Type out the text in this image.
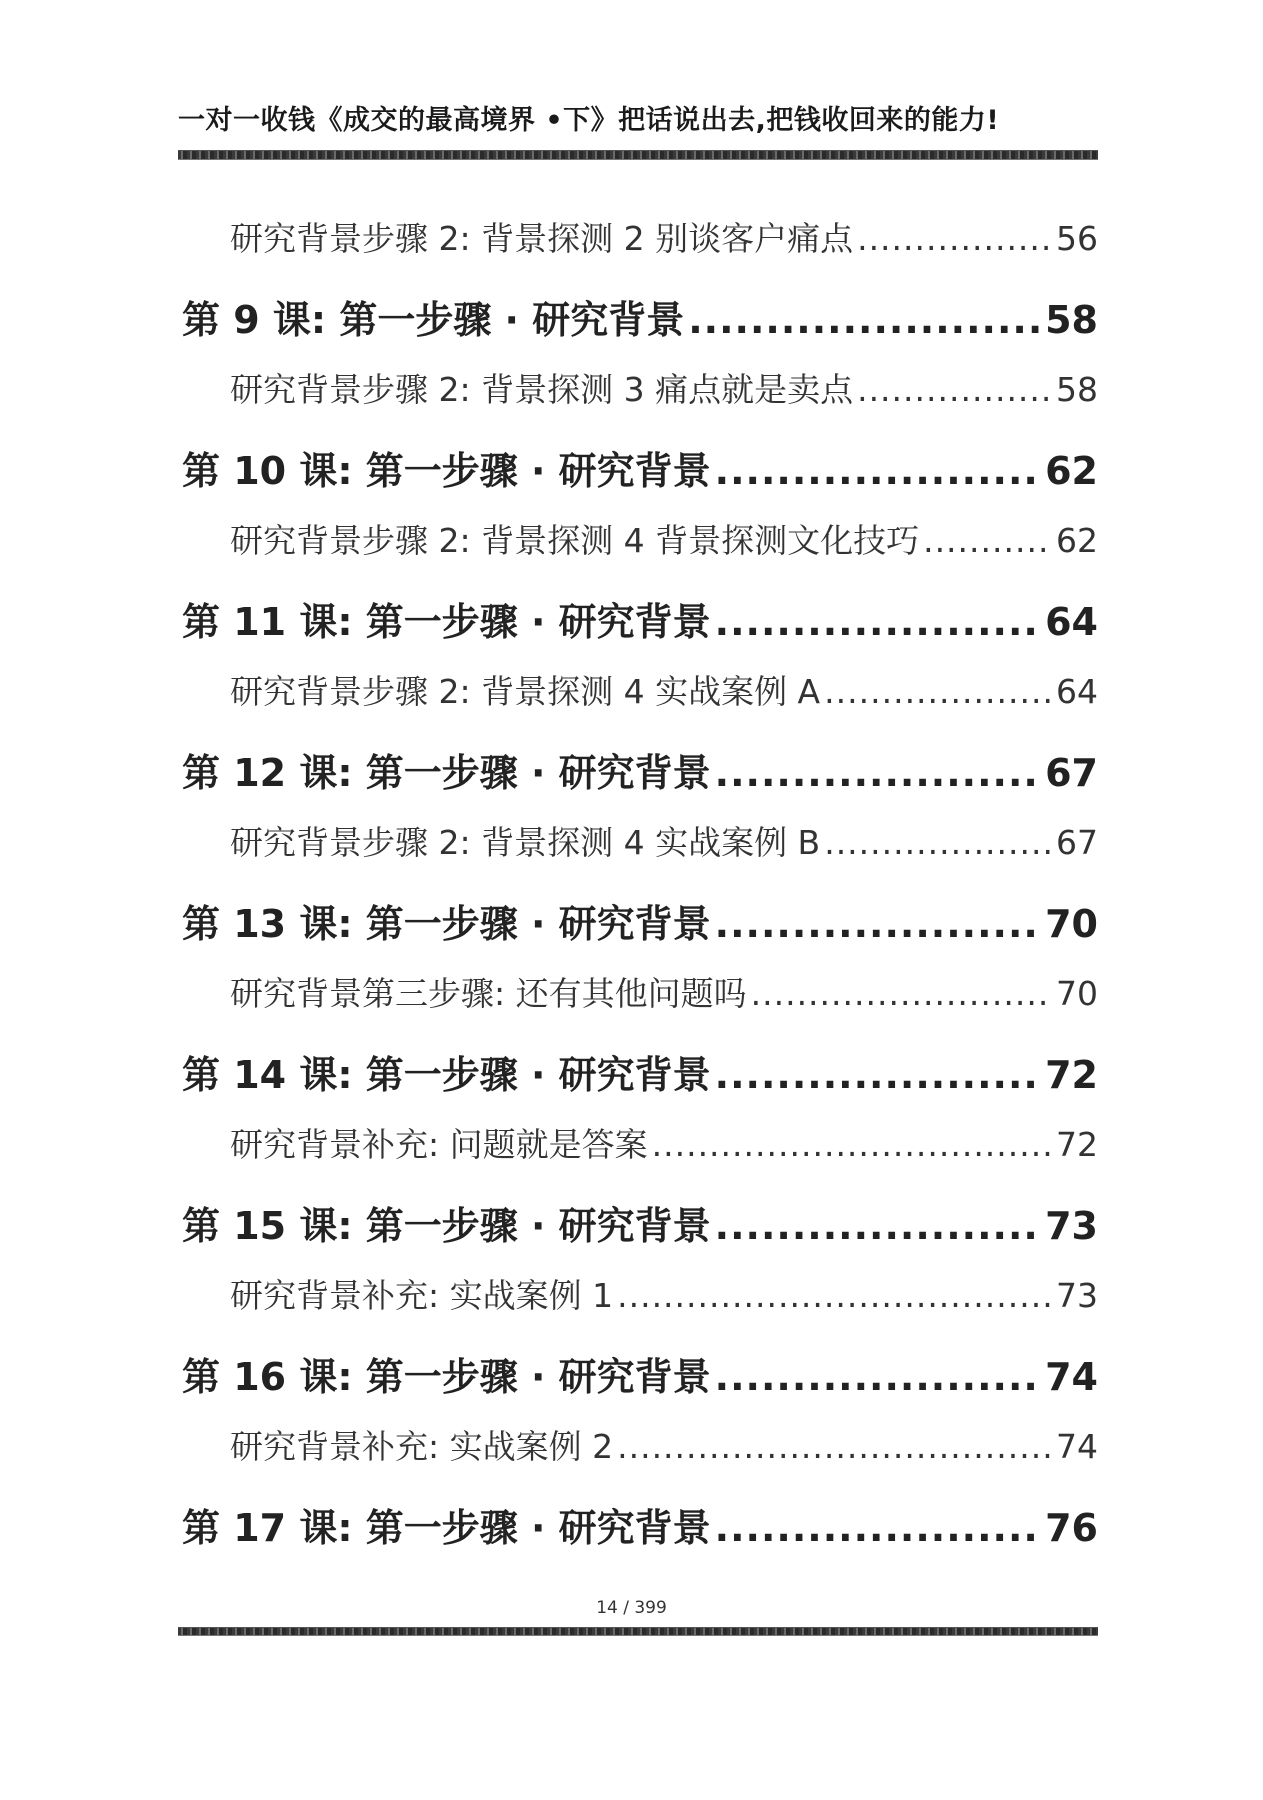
一对一收钱《成交的最高境界 •下》把话说出去,把钱收回来的能力!
研究背景步骤 2: 背景探测 2 别谈客户痛点 .....	56
第 9 课: 第一步骤 · 研究背景 .....	58
研究背景步骤 2: 背景探测 3 痛点就是卖点 .....	58
第 10 课: 第一步骤 · 研究背景 .....	62
研究背景步骤 2: 背景探测 4 背景探测文化技巧 .....	62
第 11 课: 第一步骤 · 研究背景 .....	64
研究背景步骤 2: 背景探测 4 实战案例 A .....	64
第 12 课: 第一步骤 · 研究背景 .....	67
研究背景步骤 2: 背景探测 4 实战案例 B .....	67
第 13 课: 第一步骤 · 研究背景 .....	70
研究背景第三步骤: 还有其他问题吗 .....	70
第 14 课: 第一步骤 · 研究背景 .....	72
研究背景补充: 问题就是答案 .....	72
第 15 课: 第一步骤 · 研究背景 .....	73
研究背景补充: 实战案例 1 .....	73
第 16 课: 第一步骤 · 研究背景 .....	74
研究背景补充: 实战案例 2 .....	74
第 17 课: 第一步骤 · 研究背景 .....	76
14 / 399
